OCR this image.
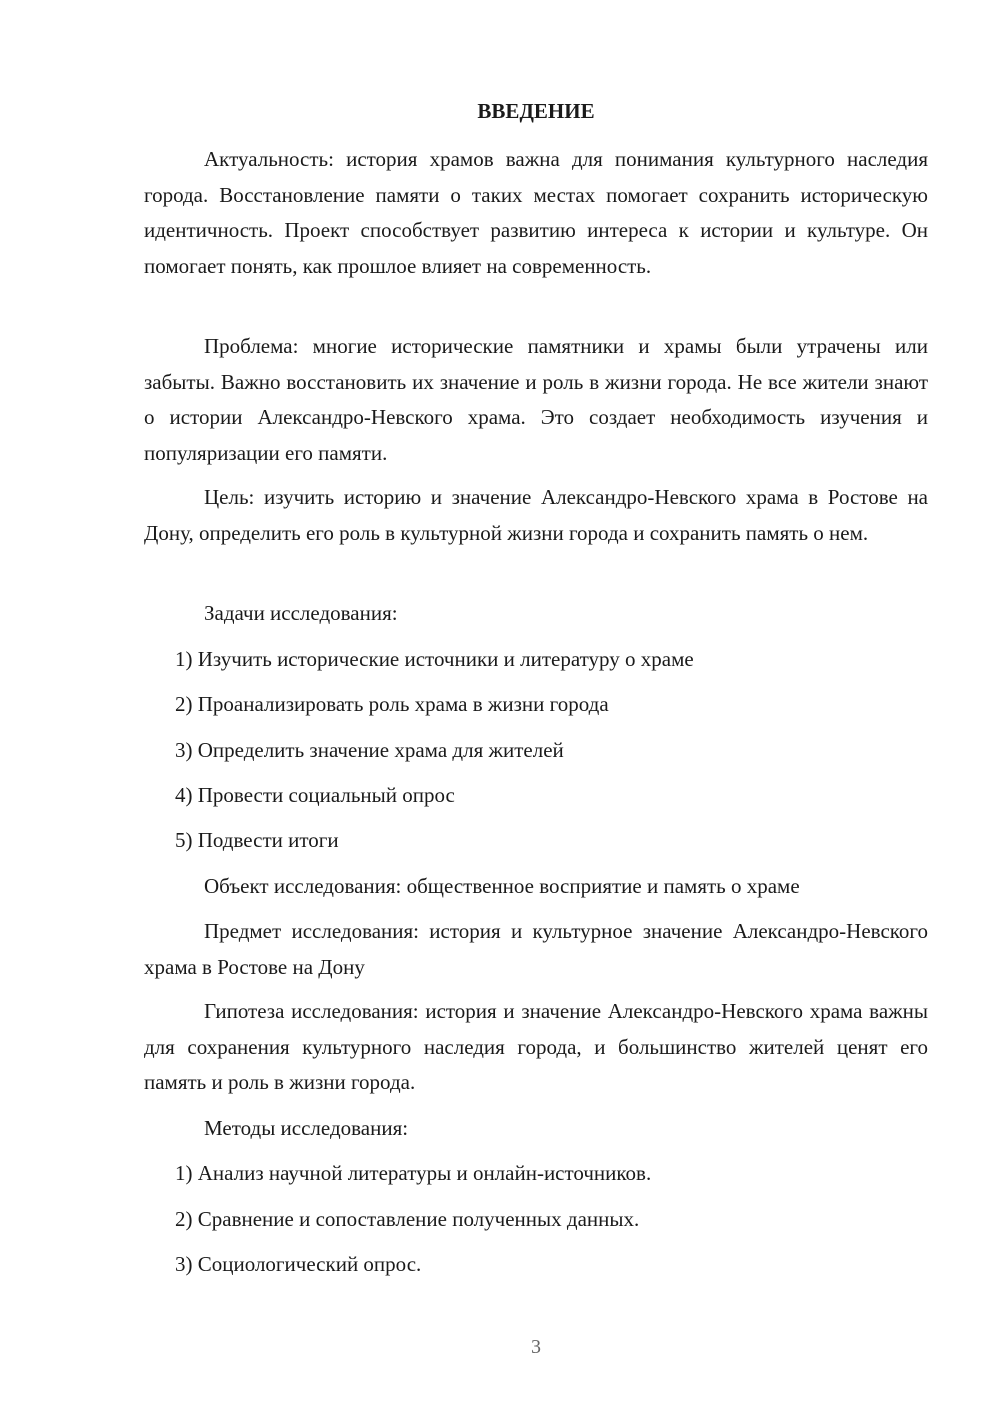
ВВЕДЕНИЕ

Актуальность: история храмов важна для понимания культурного наследия города. Восстановление памяти о таких местах помогает сохранить историческую идентичность. Проект способствует развитию интереса к истории и культуре. Он помогает понять, как прошлое влияет на современность.

Проблема: многие исторические памятники и храмы были утрачены или забыты. Важно восстановить их значение и роль в жизни города. Не все жители знают о истории Александро-Невского храма. Это создает необходимость изучения и популяризации его памяти.

Цель: изучить историю и значение Александро-Невского храма в Ростове на Дону, определить его роль в культурной жизни города и сохранить память о нем.

Задачи исследования:

1) Изучить исторические источники и литературу о храме

2) Проанализировать роль храма в жизни города

3) Определить значение храма для жителей

4) Провести социальный опрос

5) Подвести итоги

Объект исследования: общественное восприятие и память о храме

Предмет исследования: история и культурное значение Александро-Невского храма в Ростове на Дону

Гипотеза исследования: история и значение Александро-Невского храма важны для сохранения культурного наследия города, и большинство жителей ценят его память и роль в жизни города.

Методы исследования:

1) Анализ научной литературы и онлайн-источников.

2) Сравнение и сопоставление полученных данных.

3) Социологический опрос.

3
